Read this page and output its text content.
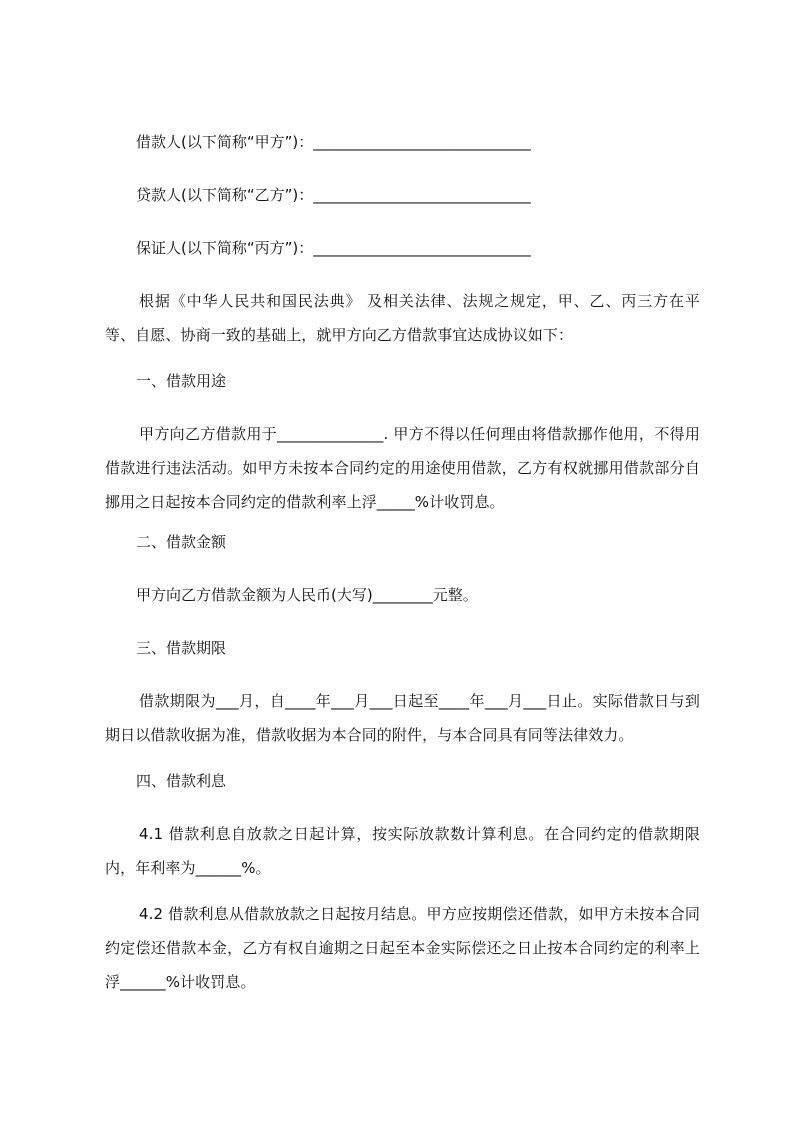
借款人(以下简称“甲方”)：_____________________________
贷款人(以下简称“乙方”)：_____________________________
保证人(以下简称“丙方”)：_____________________________
根据《中华人民共和国民法典》 及相关法律、法规之规定，甲、乙、丙三方在平等、自愿、协商一致的基础上，就甲方向乙方借款事宜达成协议如下：
一、借款用途
甲方向乙方借款用于______________. 甲方不得以任何理由将借款挪作他用，不得用借款进行违法活动。如甲方未按本合同约定的用途使用借款，乙方有权就挪用借款部分自挪用之日起按本合同约定的借款利率上浮_____%计收罚息。
二、借款金额
甲方向乙方借款金额为人民币(大写)________元整。
三、借款期限
借款期限为___月，自____年___月___日起至____年___月___日止。实际借款日与到期日以借款收据为准，借款收据为本合同的附件，与本合同具有同等法律效力。
四、借款利息
4.1 借款利息自放款之日起计算，按实际放款数计算利息。在合同约定的借款期限内，年利率为______%。
4.2 借款利息从借款放款之日起按月结息。甲方应按期偿还借款，如甲方未按本合同约定偿还借款本金，乙方有权自逾期之日起至本金实际偿还之日止按本合同约定的利率上浮______%计收罚息。
